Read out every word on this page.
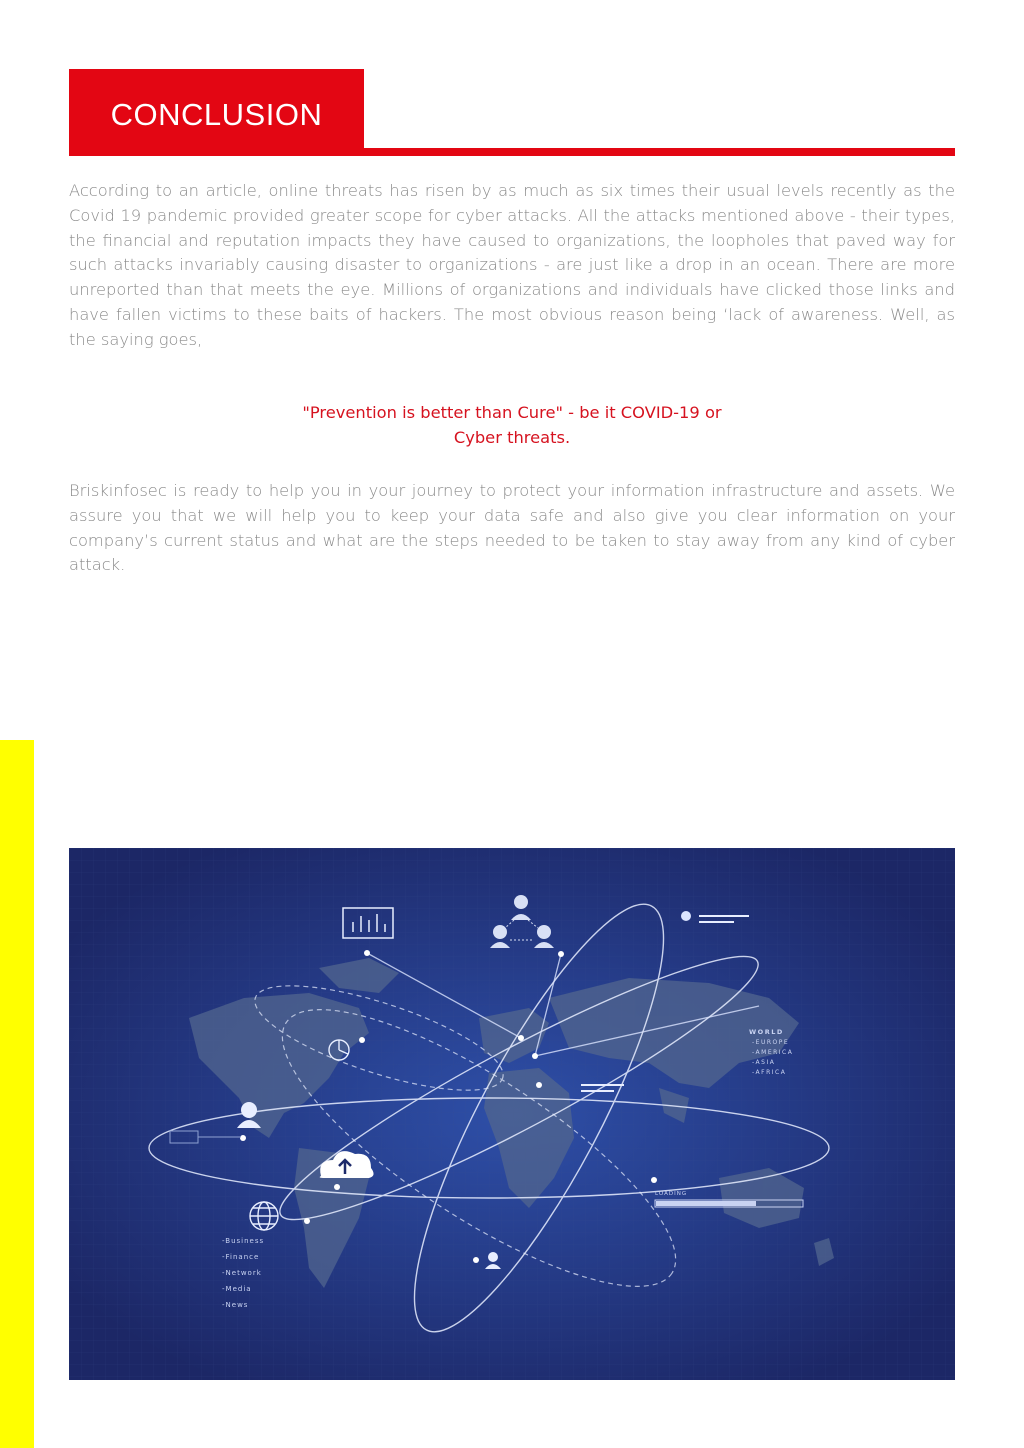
CONCLUSION

According to an article, online threats has risen by as much as six times their usual levels recently as the Covid 19 pandemic provided greater scope for cyber attacks. All the attacks mentioned above - their types, the financial and reputation impacts they have caused to organizations, the loopholes that paved way for such attacks invariably causing disaster to organizations - are just like a drop in an ocean. There are more unreported than that meets the eye. Millions of organizations and individuals have clicked those links and have fallen victims to these baits of hackers. The most obvious reason being ‘lack of awareness. Well, as the saying goes,

"Prevention is better than Cure" - be it COVID-19 or
Cyber threats.

Briskinfosec is ready to help you in your journey to protect your information infrastructure and assets. We assure you that we will help you to keep your data safe and also give you clear information on your company’s current status and what are the steps needed to be taken to stay away from any kind of cyber attack.

LOADING
WORLD
-EUROPE
-AMERICA
-ASIA
-AFRICA
-Business
-Finance
-Network
-Media
-News
